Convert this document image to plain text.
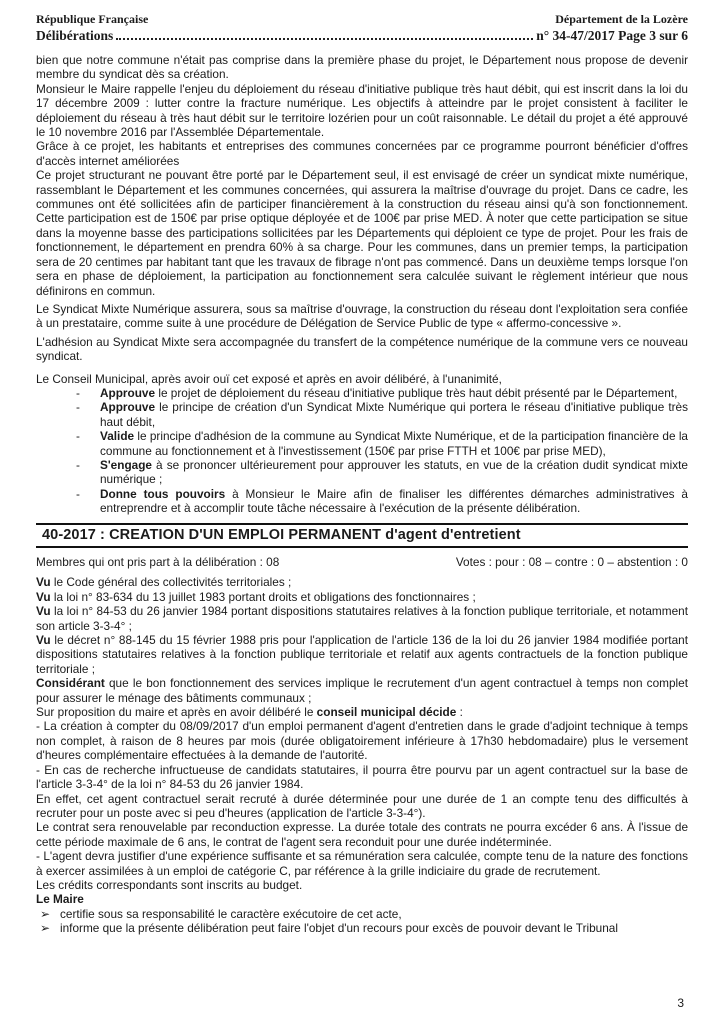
République Française	Département de la Lozère
Délibérations	n° 34-47/2017 Page 3 sur 6

bien que notre commune n'était pas comprise dans la première phase du projet, le Département nous propose de devenir membre du syndicat dès sa création.

Monsieur le Maire rappelle l'enjeu du déploiement du réseau d'initiative publique très haut débit, qui est inscrit dans la loi du 17 décembre 2009 : lutter contre la fracture numérique. Les objectifs à atteindre par le projet consistent à faciliter le déploiement du réseau à très haut débit sur le territoire lozérien pour un coût raisonnable. Le détail du projet a été approuvé le 10 novembre 2016 par l'Assemblée Départementale.

Grâce à ce projet, les habitants et entreprises des communes concernées par ce programme pourront bénéficier d'offres d'accès internet améliorées

Ce projet structurant ne pouvant être porté par le Département seul, il est envisagé de créer un syndicat mixte numérique, rassemblant le Département et les communes concernées, qui assurera la maîtrise d'ouvrage du projet. Dans ce cadre, les communes ont été sollicitées afin de participer financièrement à la construction du réseau ainsi qu'à son fonctionnement. Cette participation est de 150€ par prise optique déployée et de 100€ par prise MED. À noter que cette participation se situe dans la moyenne basse des participations sollicitées par les Départements qui déploient ce type de projet. Pour les frais de fonctionnement, le département en prendra 60% à sa charge. Pour les communes, dans un premier temps, la participation sera de 20 centimes par habitant tant que les travaux de fibrage n'ont pas commencé. Dans un deuxième temps lorsque l'on sera en phase de déploiement, la participation au fonctionnement sera calculée suivant le règlement intérieur que nous définirons en commun.

Le Syndicat Mixte Numérique assurera, sous sa maîtrise d'ouvrage, la construction du réseau dont l'exploitation sera confiée à un prestataire, comme suite à une procédure de Délégation de Service Public de type « affermo-concessive ».

L'adhésion au Syndicat Mixte sera accompagnée du transfert de la compétence numérique de la commune vers ce nouveau syndicat.

Le Conseil Municipal, après avoir ouï cet exposé et après en avoir délibéré, à l'unanimité,

-	Approuve le projet de déploiement du réseau d'initiative publique très haut débit présenté par le Département,

-	Approuve le principe de création d'un Syndicat Mixte Numérique qui portera le réseau d'initiative publique très haut débit,

-	Valide le principe d'adhésion de la commune au Syndicat Mixte Numérique, et de la participation financière de la commune au fonctionnement et à l'investissement (150€ par prise FTTH et 100€ par prise MED),

-	S'engage à se prononcer ultérieurement pour approuver les statuts, en vue de la création dudit syndicat mixte numérique ;

-	Donne tous pouvoirs à Monsieur le Maire afin de finaliser les différentes démarches administratives à entreprendre et à accomplir toute tâche nécessaire à l'exécution de la présente délibération.

40-2017 : CREATION D'UN EMPLOI PERMANENT d'agent d'entretient
Membres qui ont pris part à la délibération : 08	Votes : pour : 08 – contre : 0 – abstention : 0

Vu le Code général des collectivités territoriales ;

Vu la loi n° 83-634 du 13 juillet 1983 portant droits et obligations des fonctionnaires ;

Vu la loi n° 84-53 du 26 janvier 1984 portant dispositions statutaires relatives à la fonction publique territoriale, et notamment son article 3-3-4° ;

Vu le décret n° 88-145 du 15 février 1988 pris pour l'application de l'article 136 de la loi du 26 janvier 1984 modifiée portant dispositions statutaires relatives à la fonction publique territoriale et relatif aux agents contractuels de la fonction publique territoriale ;

Considérant que le bon fonctionnement des services implique le recrutement d'un agent contractuel à temps non complet pour assurer le ménage des bâtiments communaux ;

Sur proposition du maire et après en avoir délibéré le conseil municipal décide :

- La création à compter du 08/09/2017 d'un emploi permanent d'agent d'entretien dans le grade d'adjoint technique à temps non complet, à raison de 8 heures par mois (durée obligatoirement inférieure à 17h30 hebdomadaire) plus le versement d'heures complémentaire effectuées à la demande de l'autorité.

- En cas de recherche infructueuse de candidats statutaires, il pourra être pourvu par un agent contractuel sur la base de l'article 3-3-4° de la loi n° 84-53 du 26 janvier 1984.

En effet, cet agent contractuel serait recruté à durée déterminée pour une durée de 1 an compte tenu des difficultés à recruter pour un poste avec si peu d'heures (application de l'article 3-3-4°).

Le contrat sera renouvelable par reconduction expresse. La durée totale des contrats ne pourra excéder 6 ans. À l'issue de cette période maximale de 6 ans, le contrat de l'agent sera reconduit pour une durée indéterminée.

- L'agent devra justifier d'une expérience suffisante et sa rémunération sera calculée, compte tenu de la nature des fonctions à exercer assimilées à un emploi de catégorie C, par référence à la grille indiciaire du grade de recrutement.

Les crédits correspondants sont inscrits au budget.

Le Maire

➢ certifie sous sa responsabilité le caractère exécutoire de cet acte,

➢ informe que la présente délibération peut faire l'objet d'un recours pour excès de pouvoir devant le Tribunal

3
